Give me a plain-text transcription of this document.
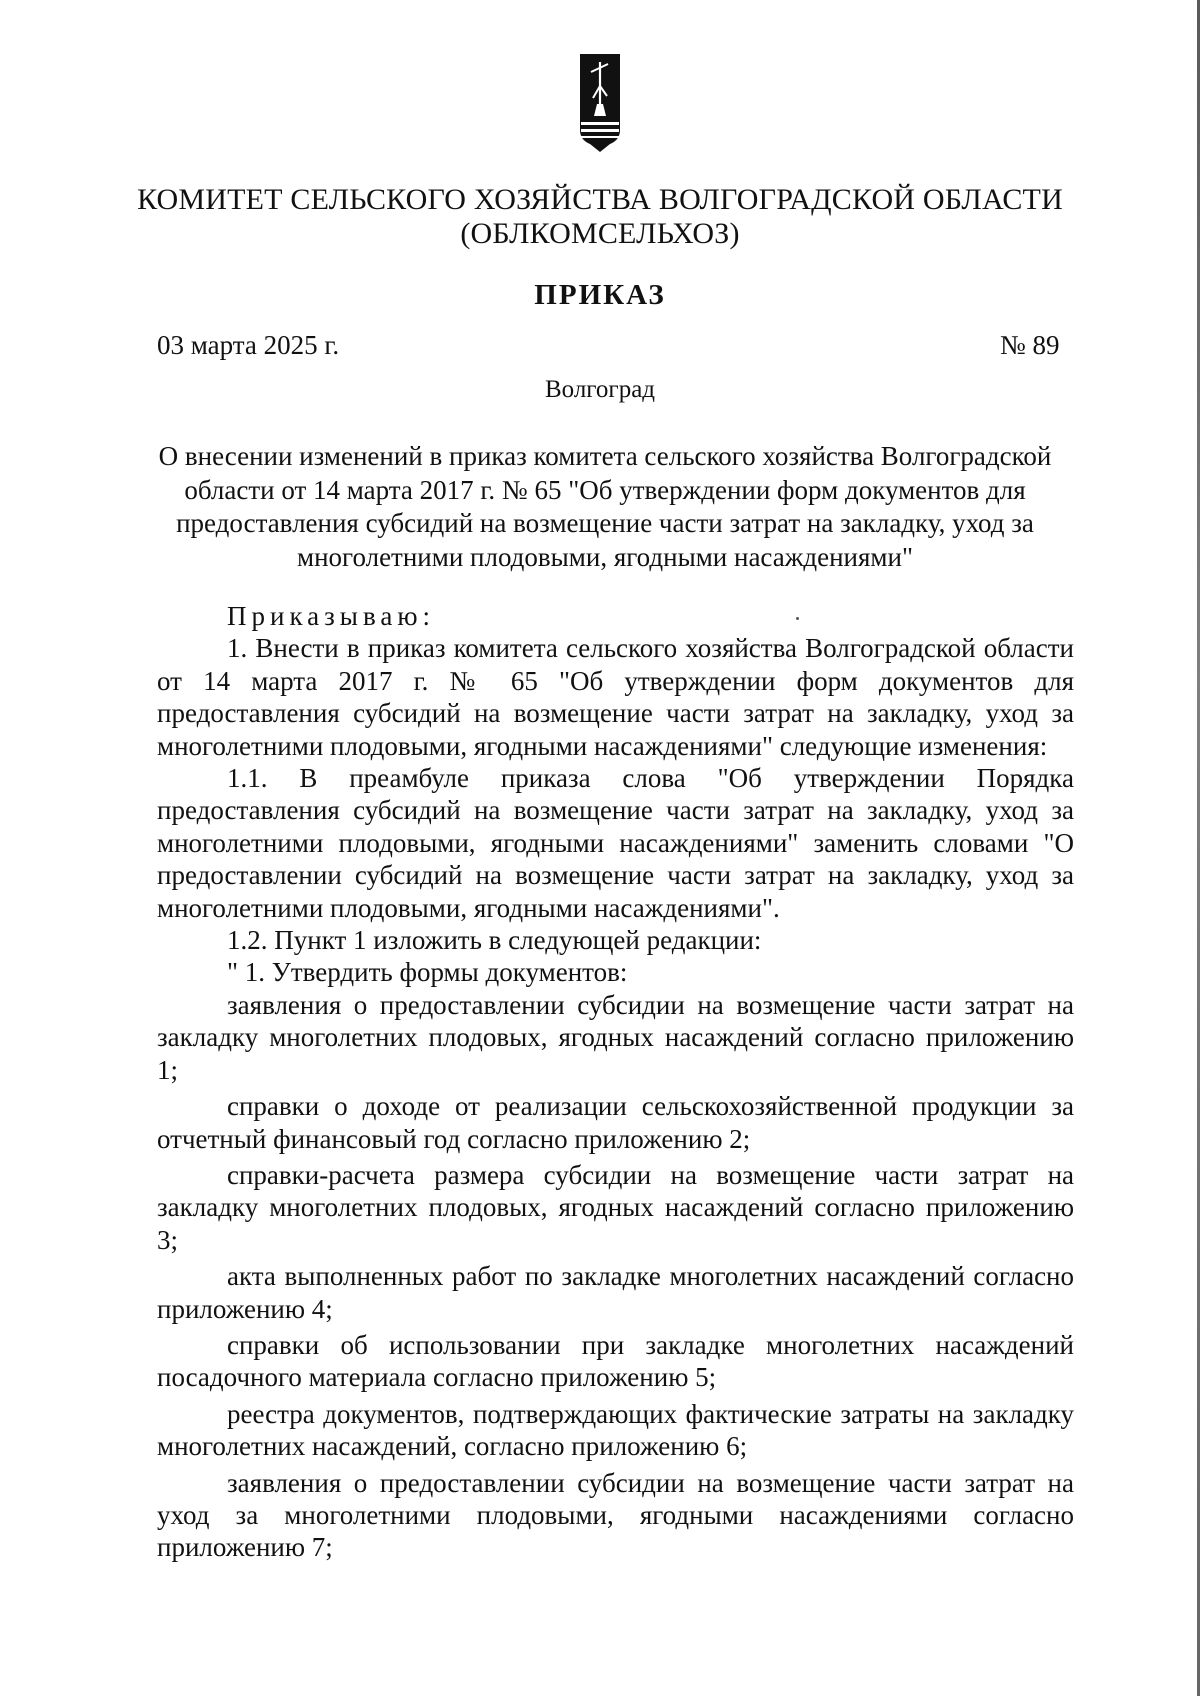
КОМИТЕТ СЕЛЬСКОГО ХОЗЯЙСТВА ВОЛГОГРАДСКОЙ ОБЛАСТИ
(ОБЛКОМСЕЛЬХОЗ)
ПРИКАЗ
03 марта 2025 г.	№ 89
Волгоград
О внесении изменений в приказ комитета сельского хозяйства Волгоградской области от 14 марта 2017 г. № 65 "Об утверждении форм документов для предоставления субсидий на возмещение части затрат на закладку, уход за многолетними плодовыми, ягодными насаждениями"

Приказываю:

1. Внести в приказ комитета сельского хозяйства Волгоградской области от 14 марта 2017 г. № 65 "Об утверждении форм документов для предоставления субсидий на возмещение части затрат на закладку, уход за многолетними плодовыми, ягодными насаждениями" следующие изменения:

1.1. В преамбуле приказа слова "Об утверждении Порядка предоставления субсидий на возмещение части затрат на закладку, уход за многолетними плодовыми, ягодными насаждениями" заменить словами "О предоставлении субсидий на возмещение части затрат на закладку, уход за многолетними плодовыми, ягодными насаждениями".

1.2. Пункт 1 изложить в следующей редакции:

" 1. Утвердить формы документов:

заявления о предоставлении субсидии на возмещение части затрат на закладку многолетних плодовых, ягодных насаждений согласно приложению 1;

справки о доходе от реализации сельскохозяйственной продукции за отчетный финансовый год согласно приложению 2;

справки-расчета размера субсидии на возмещение части затрат на закладку многолетних плодовых, ягодных насаждений согласно приложению 3;

акта выполненных работ по закладке многолетних насаждений согласно приложению 4;

справки об использовании при закладке многолетних насаждений посадочного материала согласно приложению 5;

реестра документов, подтверждающих фактические затраты на закладку многолетних насаждений, согласно приложению 6;

заявления о предоставлении субсидии на возмещение части затрат на уход за многолетними плодовыми, ягодными насаждениями согласно приложению 7;
